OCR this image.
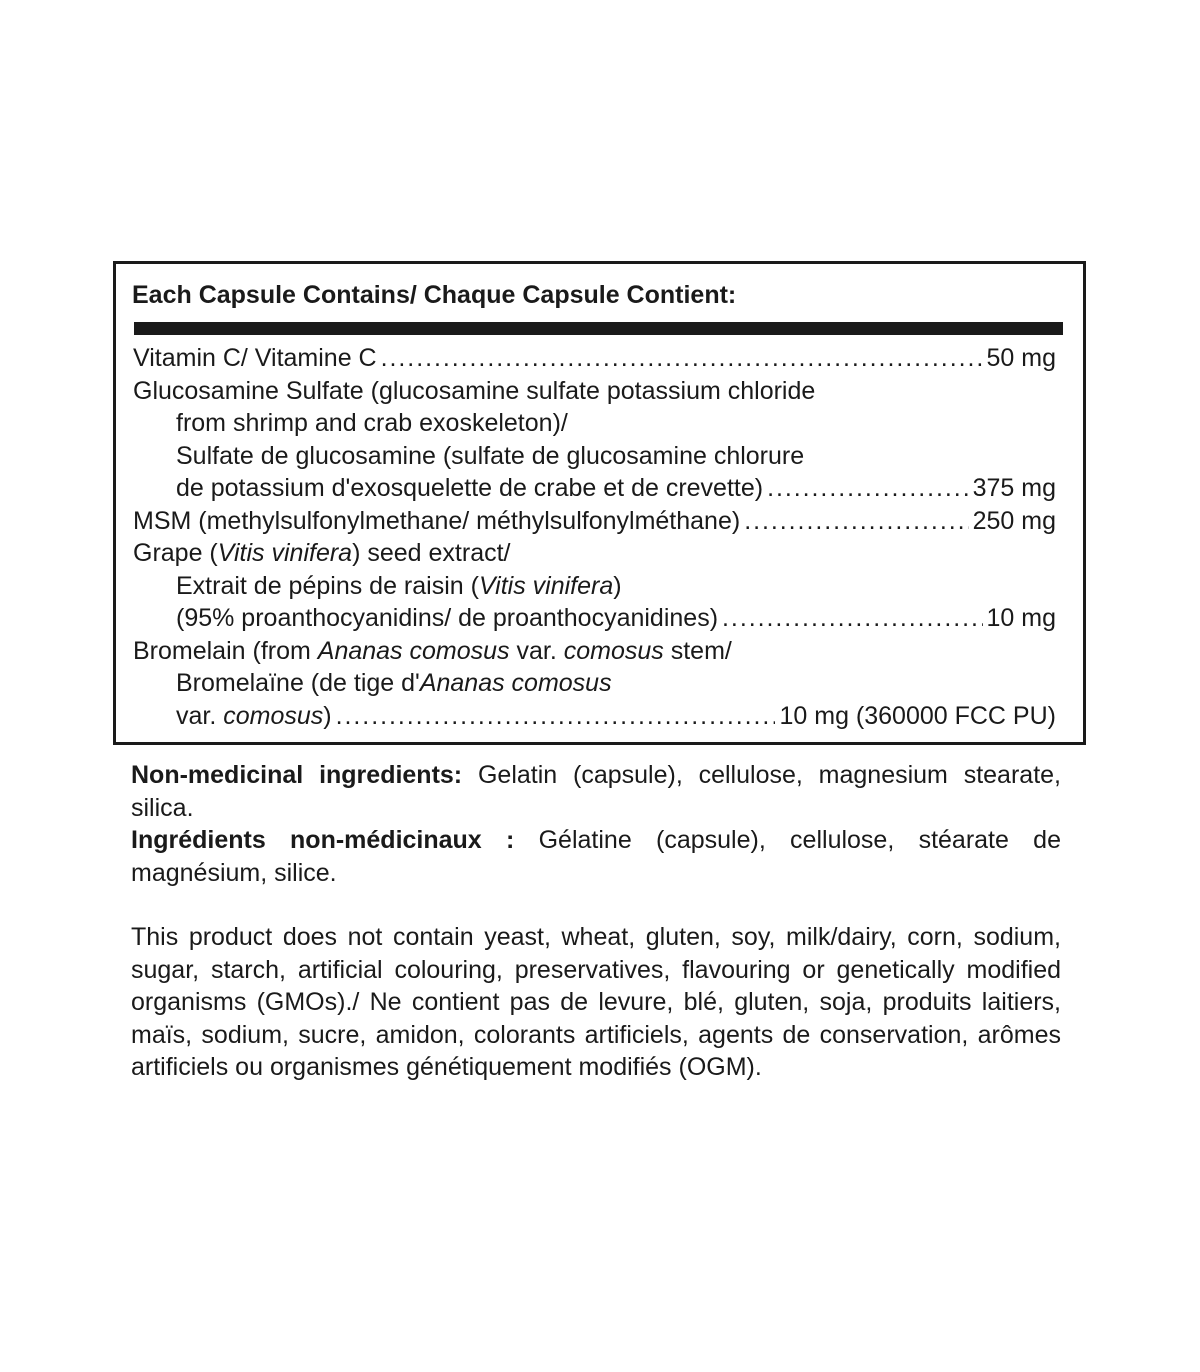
Each Capsule Contains/ Chaque Capsule Contient:
Vitamin C/ Vitamine C . . .	50 mg
Glucosamine Sulfate (glucosamine sulfate potassium chloride
from shrimp and crab exoskeleton)/
Sulfate de glucosamine (sulfate de glucosamine chlorure
de potassium d'exosquelette de crabe et de crevette) . . .	375 mg
MSM (methylsulfonylmethane/ méthylsulfonylméthane) . . .	250 mg
Grape (Vitis vinifera) seed extract/
Extrait de pépins de raisin (Vitis vinifera)
(95% proanthocyanidins/ de proanthocyanidines) . . .	10 mg
Bromelain (from Ananas comosus var. comosus stem/
Bromelaïne (de tige d'Ananas comosus
var. comosus) . . .	10 mg (360000 FCC PU)

Non-medicinal ingredients: Gelatin (capsule), cellulose, magnesium stearate, silica.

Ingrédients non-médicinaux : Gélatine (capsule), cellulose, stéarate de magnésium, silice.

This product does not contain yeast, wheat, gluten, soy, milk/dairy, corn, sodium, sugar, starch, artificial colouring, preservatives, flavouring or genetically modified organisms (GMOs)./ Ne contient pas de levure, blé, gluten, soja, produits laitiers, maïs, sodium, sucre, amidon, colorants artificiels, agents de conservation, arômes artificiels ou organismes génétiquement modifiés (OGM).
